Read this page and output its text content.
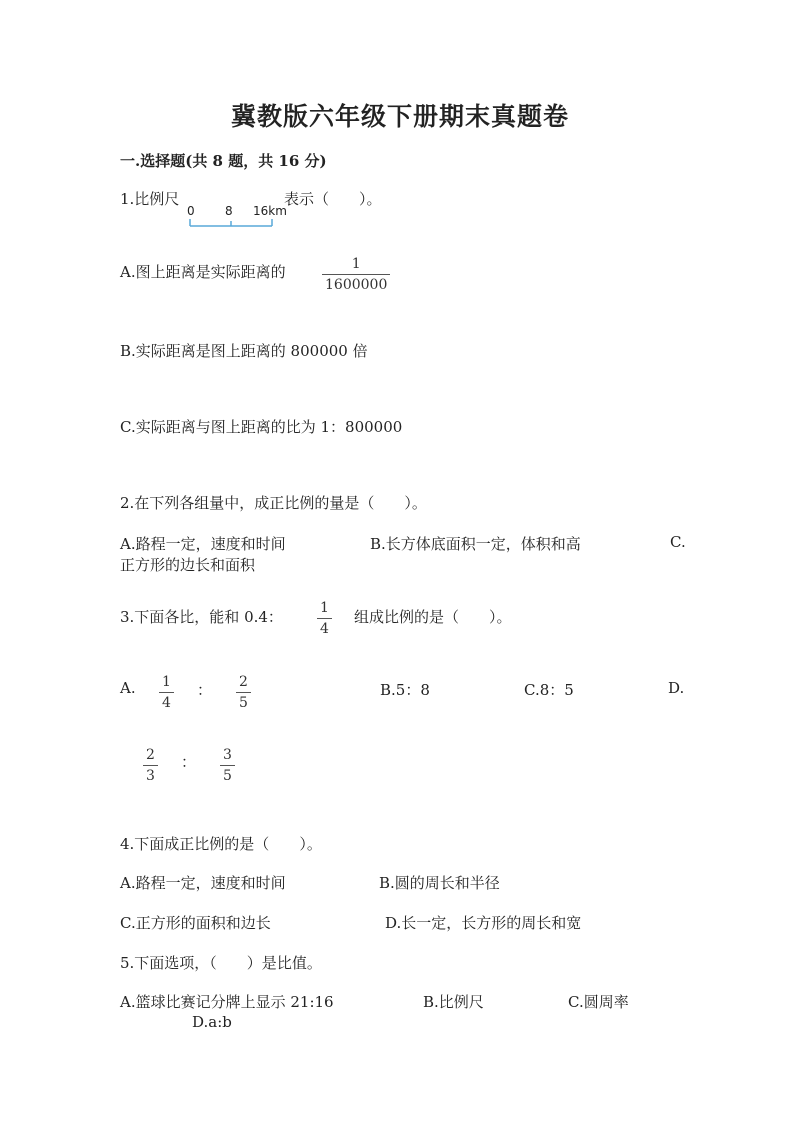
冀教版六年级下册期末真题卷
一.选择题(共 8 题，共 16 分)
1.比例尺
0	8 16km
表示（　　）。
A.图上距离是实际距离的	1
1600000
B.实际距离是图上距离的 800000 倍
C.实际距离与图上距离的比为 1：800000
2.在下列各组量中，成正比例的量是（　　）。
A.路程一定，速度和时间	B.长方体底面积一定，体积和高	C.
正方形的边长和面积
3.下面各比，能和 0.4：	1
4
组成比例的是（　　）。
A. 1
4
： 2
5
B.5：8	C.8：5	D.
2
3
： 3
5
4.下面成正比例的是（　　）。
A.路程一定，速度和时间	B.圆的周长和半径
C.正方形的面积和边长	D.长一定，长方形的周长和宽
5.下面选项，（　　）是比值。
A.篮球比赛记分牌上显示 21:16	B.比例尺	C.圆周率
D.a:b
